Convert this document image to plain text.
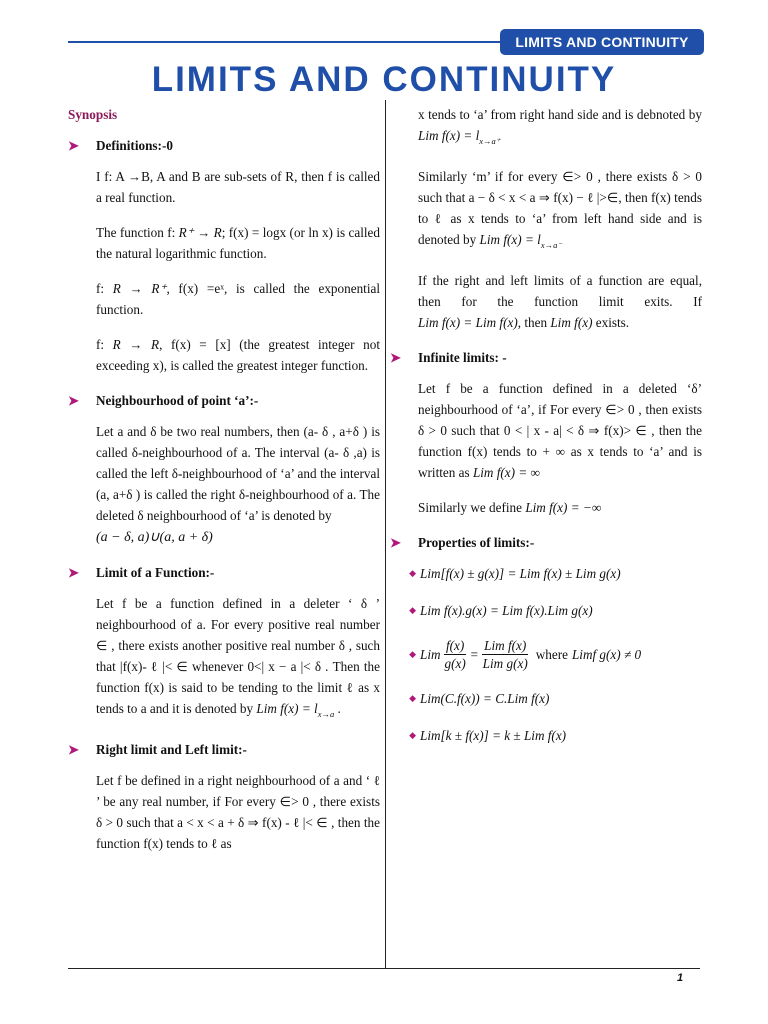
LIMITS AND CONTINUITY
LIMITS AND CONTINUITY
Synopsis
➤	Definitions:-0

I f: A →B, A and B are sub-sets of R, then f is called a real function.

The function f: R⁺ → R; f(x) = logx (or ln x) is called the natural logarithmic function.

f: R → R⁺, f(x) =eˣ, is called the exponential function.

f: R → R, f(x) = [x] (the greatest integer not exceeding x), is called the greatest integer function.

➤	Neighbourhood of point ‘a’:-

Let a and δ be two real numbers, then (a- δ , a+δ ) is called δ-neighbourhood of a. The interval (a- δ ,a) is called the left δ-neighbourhood of ‘a’ and the interval (a, a+δ ) is called the right δ-neighbourhood of a. The deleted δ neighbourhood of ‘a’ is denoted by
(a − δ, a)∪(a, a + δ)

➤	Limit of a Function:-

Let f be a function defined in a deleter ‘ δ ’ neighbourhood of a. For every positive real number ∈ , there exists another positive real number δ , such that |f(x)- ℓ |< ∈ whenever 0<| x − a |< δ . Then the function f(x) is said to be tending to the limit ℓ as x tends to a and it is denoted by Lim $f(x) = l_{x\to a}$ .

➤	Right limit and Left limit:-

Let f be defined in a right neighbourhood of a and ‘ ℓ ’ be any real number, if For every ∈> 0 , there exists δ > 0 such that a < x < a + δ ⇒ f(x) - ℓ |< ∈ , then the function f(x) tends to ℓ as

x tends to ‘a’ from right hand side and is debnoted by Lim $f(x) = l_{x\to a^+}$

Similarly ‘m’ if for every ∈> 0 , there exists δ > 0 such that a − δ < x < a ⇒ f(x) − ℓ |>∈, then f(x) tends to ℓ as x tends to ‘a’ from left hand side and is denoted by Lim $f(x) = l_{x\to a^-}$

If the right and left limits of a function are equal, then for the function limit exits. If Lim f(x) = Lim f(x), then Lim f(x) exists.

➤	Infinite limits: -

Let f be a function defined in a deleted ‘δ’ neighbourhood of ‘a’, if For every ∈> 0 , then exists δ > 0 such that 0 < | x - a| < δ ⇒ f(x)> ∈ , then the function f(x) tends to + ∞ as x tends to ‘a’ and is written as Lim f(x) = ∞

Similarly we define Lim f(x) = −∞

➤	Properties of limits:-
◆ Lim[f(x) ± g(x)] = Lim f(x) ± Lim g(x)
◆ Lim f(x).g(x) = Lim f(x).Lim g(x)
◆ Lim $\frac{f(x)}{g(x)} = \frac{\text{Lim f(x)}}{\text{Lim g(x)}}$ where Limf g(x) ≠ 0
◆ Lim(C.f(x)) = C.Lim f(x)
◆ Lim[k ± f(x)] = k ± Lim f(x)
1
